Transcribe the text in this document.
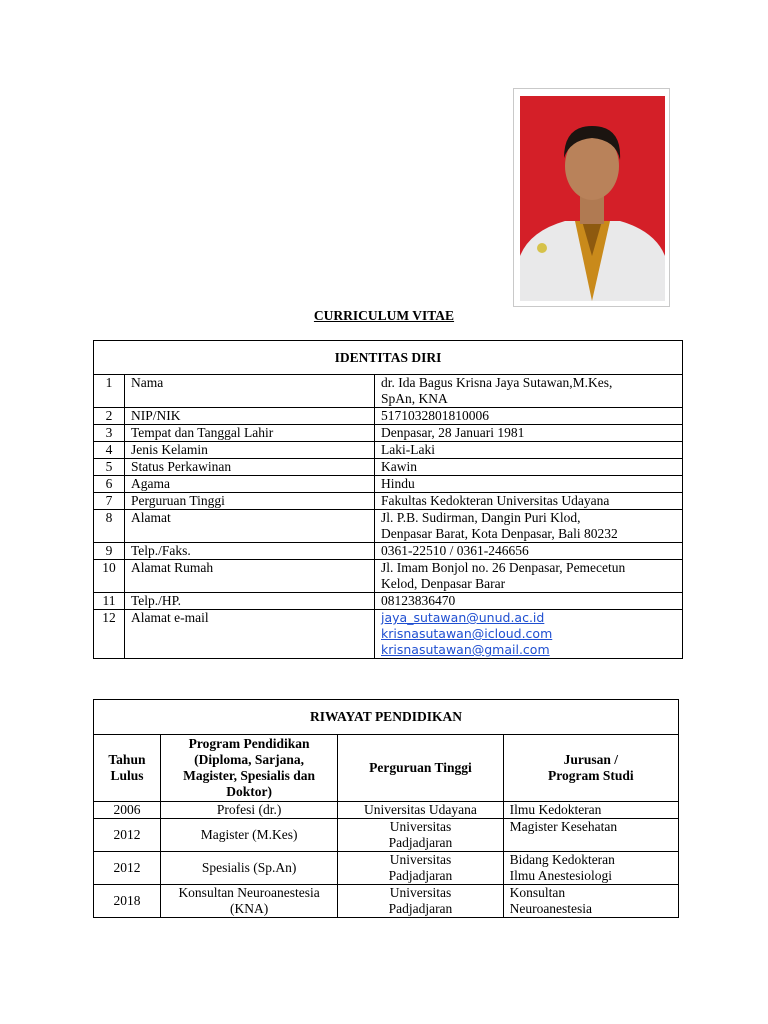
CURRICULUM VITAE
IDENTITAS DIRI		
1	Nama	dr. Ida Bagus Krisna Jaya Sutawan,M.Kes,
SpAn, KNA
2	NIP/NIK	5171032801810006
3	Tempat dan Tanggal Lahir	Denpasar, 28 Januari 1981
4	Jenis Kelamin	Laki-Laki
5	Status Perkawinan	Kawin
6	Agama	Hindu
7	Perguruan Tinggi	Fakultas Kedokteran Universitas Udayana
8	Alamat	Jl. P.B. Sudirman, Dangin Puri Klod,
Denpasar Barat, Kota Denpasar, Bali 80232
9	Telp./Faks.	0361-22510 / 0361-246656
10	Alamat Rumah	Jl. Imam Bonjol no. 26 Denpasar, Pemecetun
Kelod, Denpasar Barar
11	Telp./HP.	08123836470
12	Alamat e-mail	jaya_sutawan@unud.ac.id
krisnasutawan@icloud.com
krisnasutawan@gmail.com
RIWAYAT PENDIDIKAN			
Tahun
Lulus	Program Pendidikan
(Diploma, Sarjana,
Magister, Spesialis dan
Doktor)	Perguruan Tinggi	Jurusan /
Program Studi
2006	Profesi (dr.)	Universitas Udayana	Ilmu Kedokteran
2012	Magister (M.Kes)	Universitas
Padjadjaran	Magister Kesehatan
2012	Spesialis (Sp.An)	Universitas
Padjadjaran	Bidang Kedokteran
Ilmu Anestesiologi
2018	Konsultan Neuroanestesia
(KNA)	Universitas
Padjadjaran	Konsultan
Neuroanestesia
